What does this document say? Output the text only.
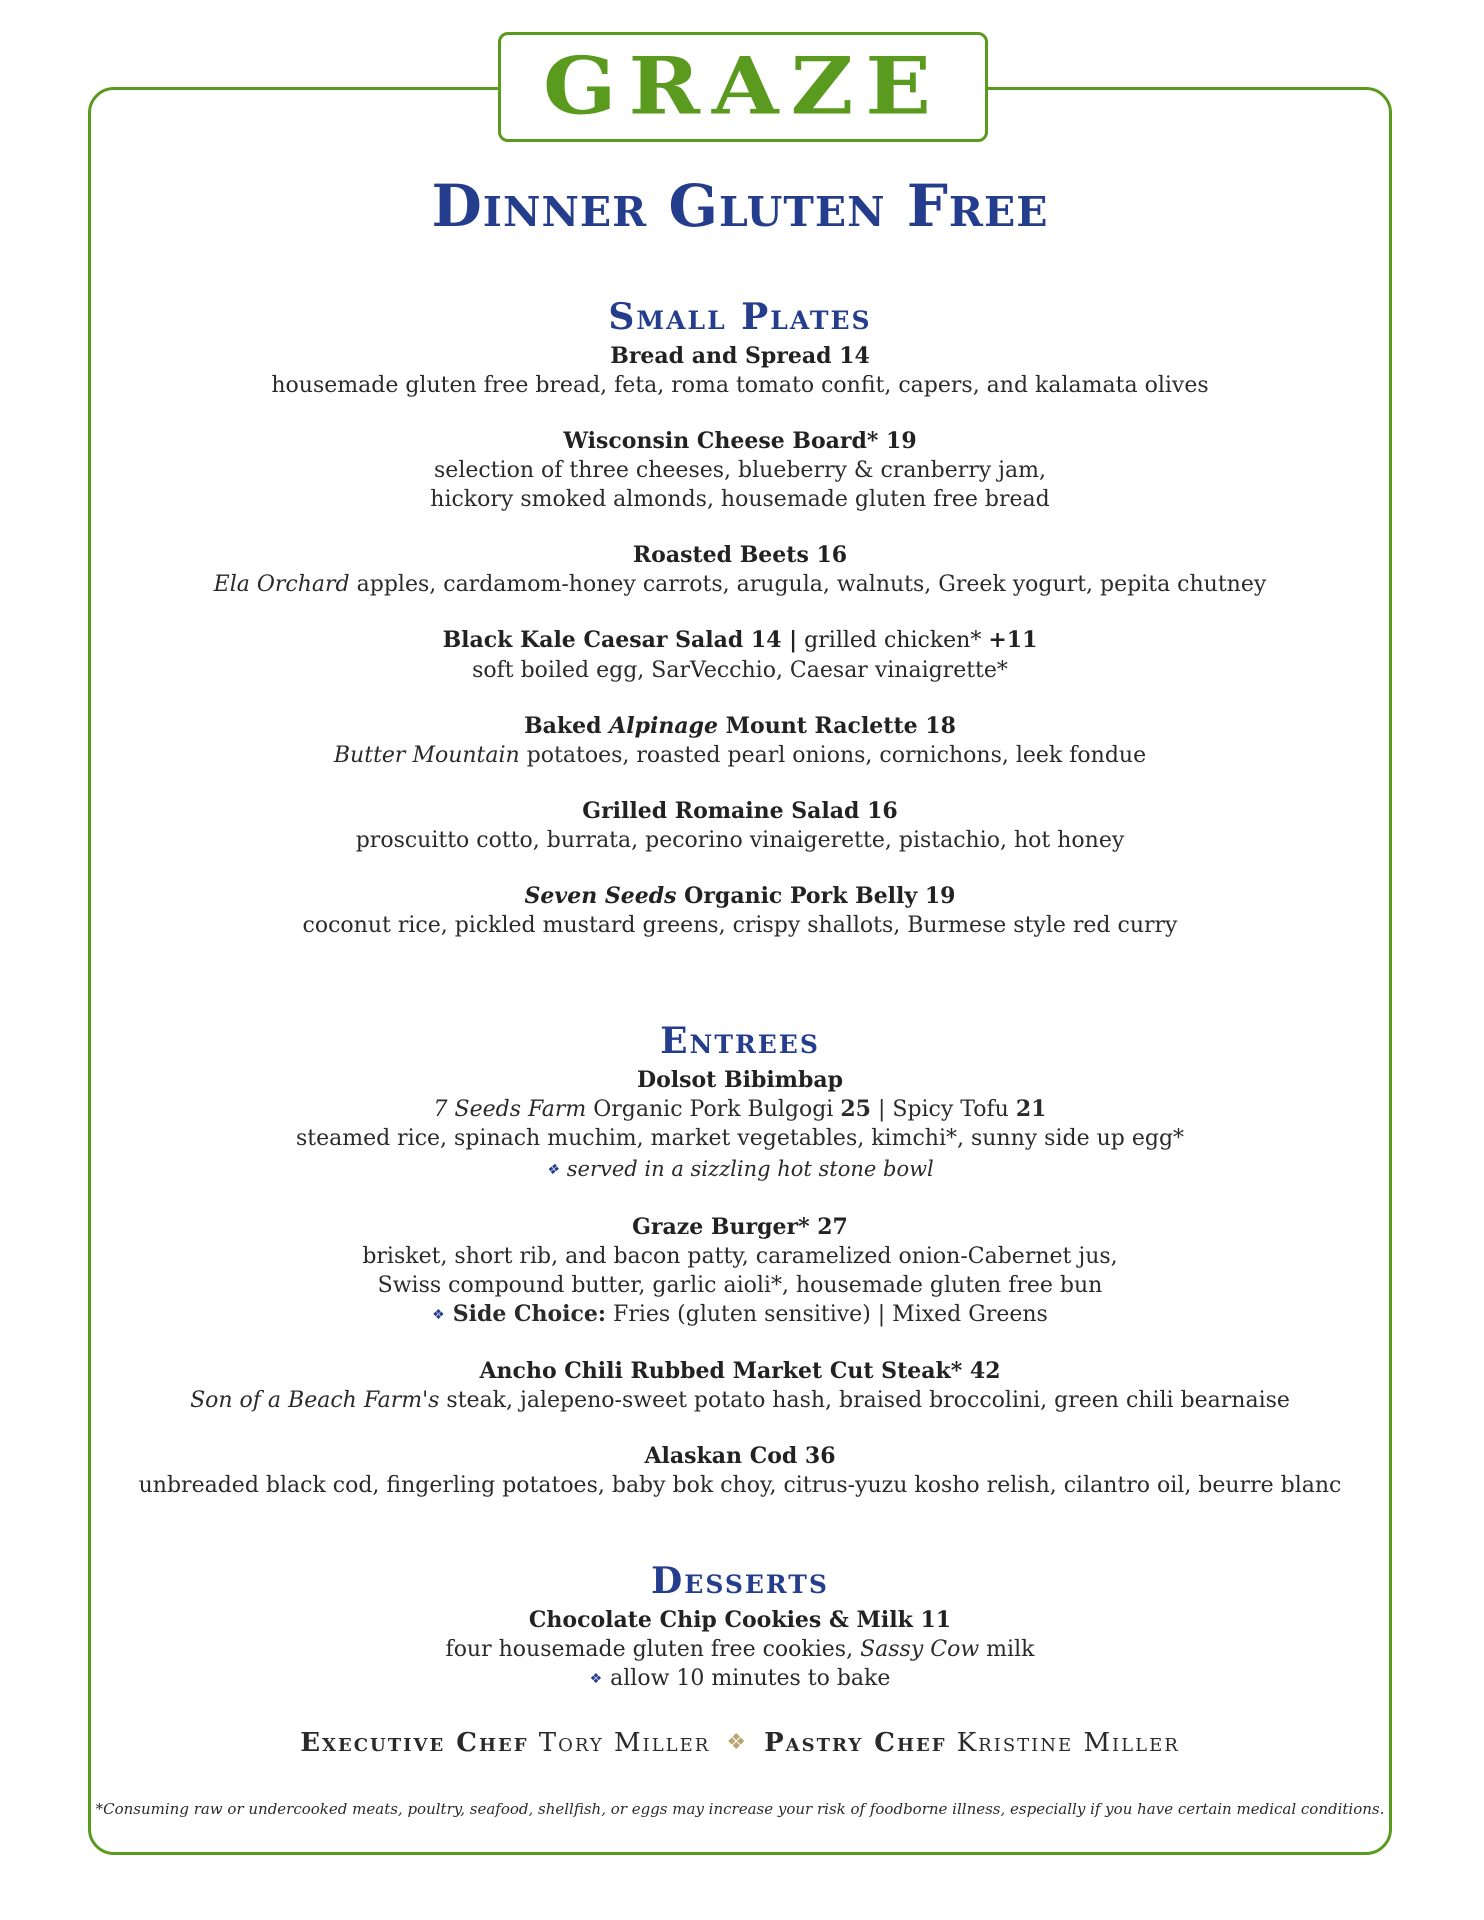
GRAZE
Dinner Gluten Free
Small Plates
Bread and Spread 14
housemade gluten free bread, feta, roma tomato confit, capers, and kalamata olives
Wisconsin Cheese Board* 19
selection of three cheeses, blueberry & cranberry jam,
hickory smoked almonds, housemade gluten free bread
Roasted Beets 16
Ela Orchard apples, cardamom-honey carrots, arugula, walnuts, Greek yogurt, pepita chutney
Black Kale Caesar Salad 14 | grilled chicken* +11
soft boiled egg, SarVecchio, Caesar vinaigrette*
Baked Alpinage Mount Raclette 18
Butter Mountain potatoes, roasted pearl onions, cornichons, leek fondue
Grilled Romaine Salad 16
proscuitto cotto, burrata, pecorino vinaigerette, pistachio, hot honey
Seven Seeds Organic Pork Belly 19
coconut rice, pickled mustard greens, crispy shallots, Burmese style red curry
Entrees
Dolsot Bibimbap
7 Seeds Farm Organic Pork Bulgogi 25 | Spicy Tofu 21
steamed rice, spinach muchim, market vegetables, kimchi*, sunny side up egg*
❖ served in a sizzling hot stone bowl
Graze Burger* 27
brisket, short rib, and bacon patty, caramelized onion-Cabernet jus,
Swiss compound butter, garlic aioli*, housemade gluten free bun
❖ Side Choice: Fries (gluten sensitive) | Mixed Greens
Ancho Chili Rubbed Market Cut Steak* 42
Son of a Beach Farm's steak, jalepeno-sweet potato hash, braised broccolini, green chili bearnaise
Alaskan Cod 36
unbreaded black cod, fingerling potatoes, baby bok choy, citrus-yuzu kosho relish, cilantro oil, beurre blanc
Desserts
Chocolate Chip Cookies & Milk 11
four housemade gluten free cookies, Sassy Cow milk
❖ allow 10 minutes to bake
Executive Chef Tory Miller ❖ Pastry Chef Kristine Miller
*Consuming raw or undercooked meats, poultry, seafood, shellfish, or eggs may increase your risk of foodborne illness, especially if you have certain medical conditions.
